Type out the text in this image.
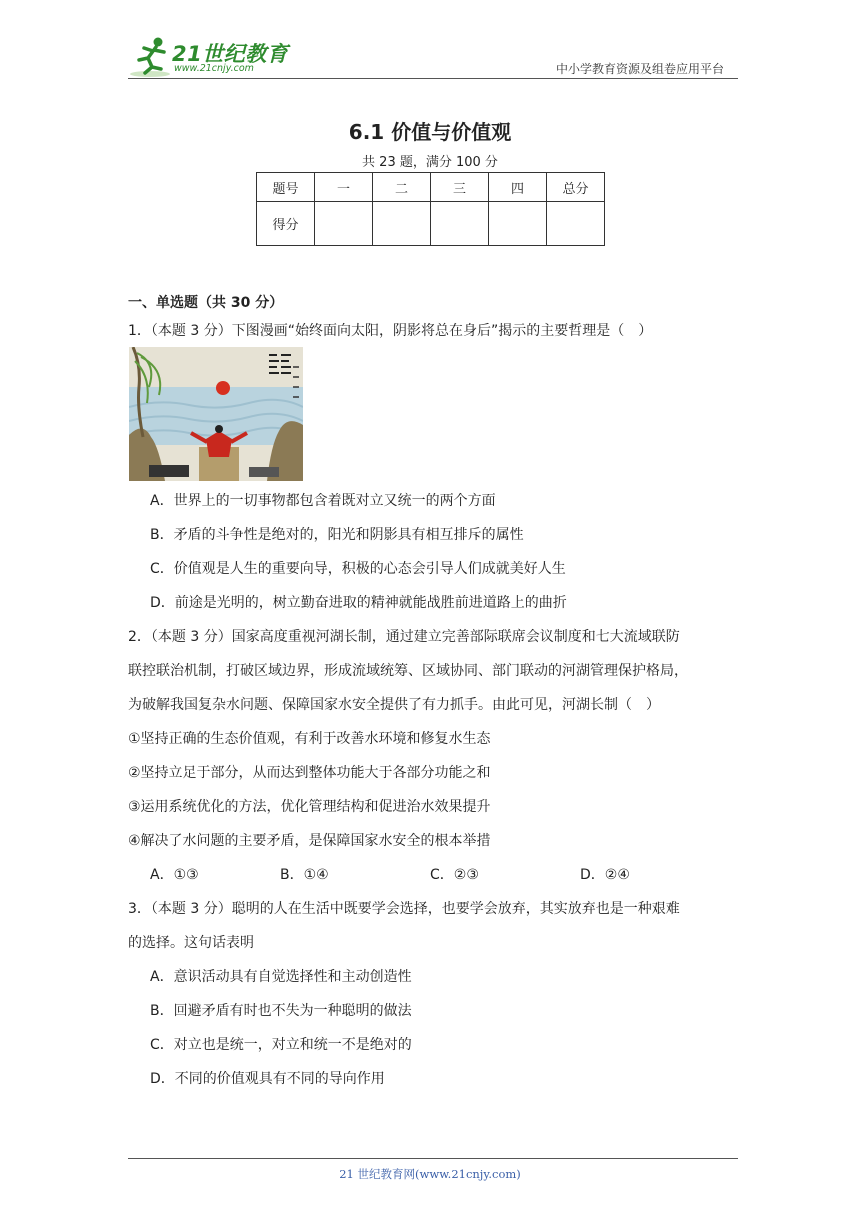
21世纪教育
www.21cnjy.com	中小学教育资源及组卷应用平台
6.1 价值与价值观
共 23 题，满分 100 分
题号	一	二	三	四	总分
得分					
一、单选题（共 30 分）
1．（本题 3 分）下图漫画“始终面向太阳，阴影将总在身后”揭示的主要哲理是（　）
A．世界上的一切事物都包含着既对立又统一的两个方面
B．矛盾的斗争性是绝对的，阳光和阴影具有相互排斥的属性
C．价值观是人生的重要向导，积极的心态会引导人们成就美好人生
D．前途是光明的，树立勤奋进取的精神就能战胜前进道路上的曲折
2．（本题 3 分）国家高度重视河湖长制，通过建立完善部际联席会议制度和七大流域联防
联控联治机制，打破区域边界，形成流域统筹、区域协同、部门联动的河湖管理保护格局，
为破解我国复杂水问题、保障国家水安全提供了有力抓手。由此可见，河湖长制（　）
①坚持正确的生态价值观，有利于改善水环境和修复水生态
②坚持立足于部分，从而达到整体功能大于各部分功能之和
③运用系统优化的方法，优化管理结构和促进治水效果提升
④解决了水问题的主要矛盾，是保障国家水安全的根本举措
A．①③	B．①④	C．②③	D．②④
3．（本题 3 分）聪明的人在生活中既要学会选择，也要学会放弃，其实放弃也是一种艰难
的选择。这句话表明
A．意识活动具有自觉选择性和主动创造性
B．回避矛盾有时也不失为一种聪明的做法
C．对立也是统一，对立和统一不是绝对的
D．不同的价值观具有不同的导向作用
21 世纪教育网(www.21cnjy.com)
